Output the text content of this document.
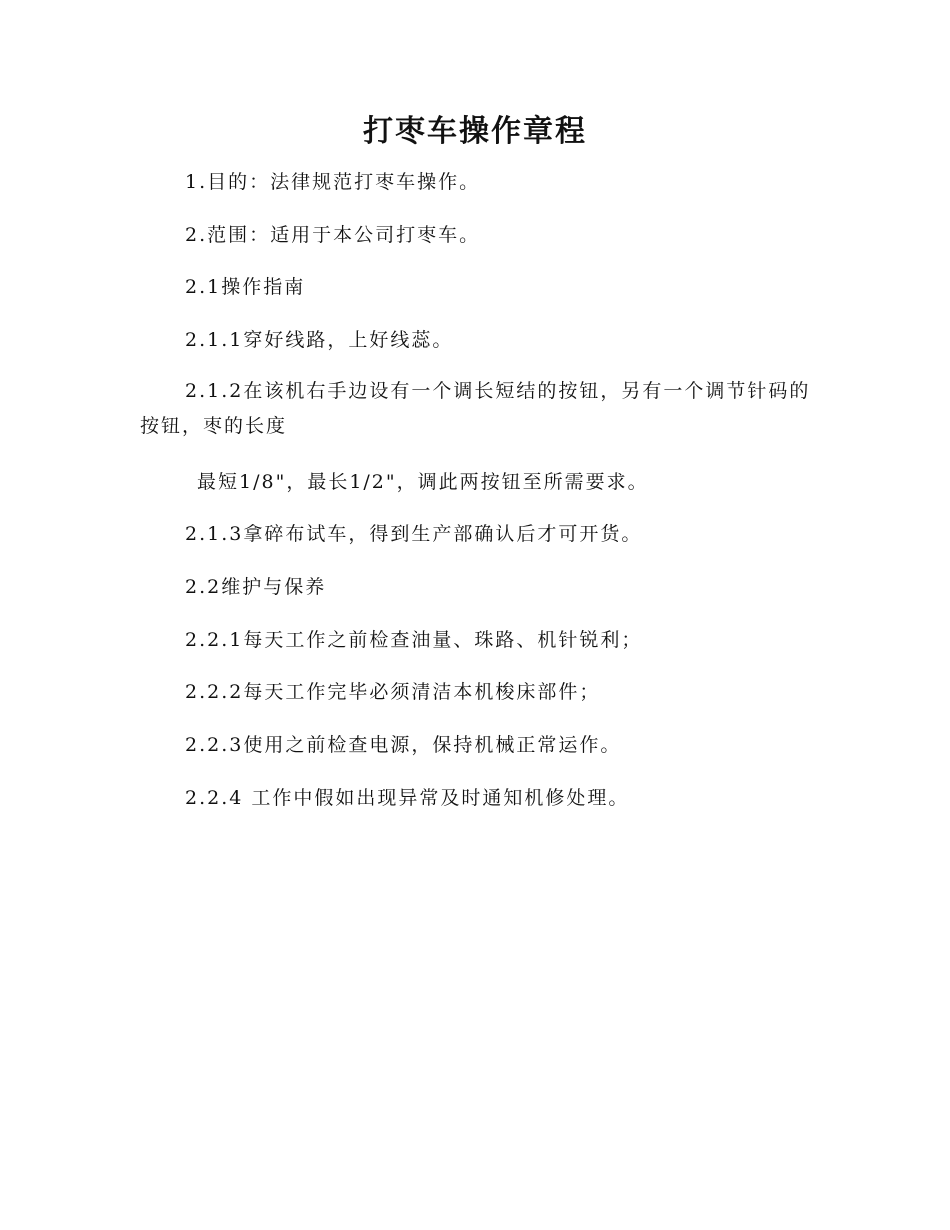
打枣车操作章程
1.目的：法律规范打枣车操作。
2.范围：适用于本公司打枣车。
2.1操作指南
2.1.1穿好线路，上好线蕊。
2.1.2在该机右手边设有一个调长短结的按钮，另有一个调节针码的按钮，枣的长度
最短1/8"，最长1/2"，调此两按钮至所需要求。
2.1.3拿碎布试车，得到生产部确认后才可开货。
2.2维护与保养
2.2.1每天工作之前检查油量、珠路、机针锐利；
2.2.2每天工作完毕必须清洁本机梭床部件；
2.2.3使用之前检查电源，保持机械正常运作。
2.2.4 工作中假如出现异常及时通知机修处理。
